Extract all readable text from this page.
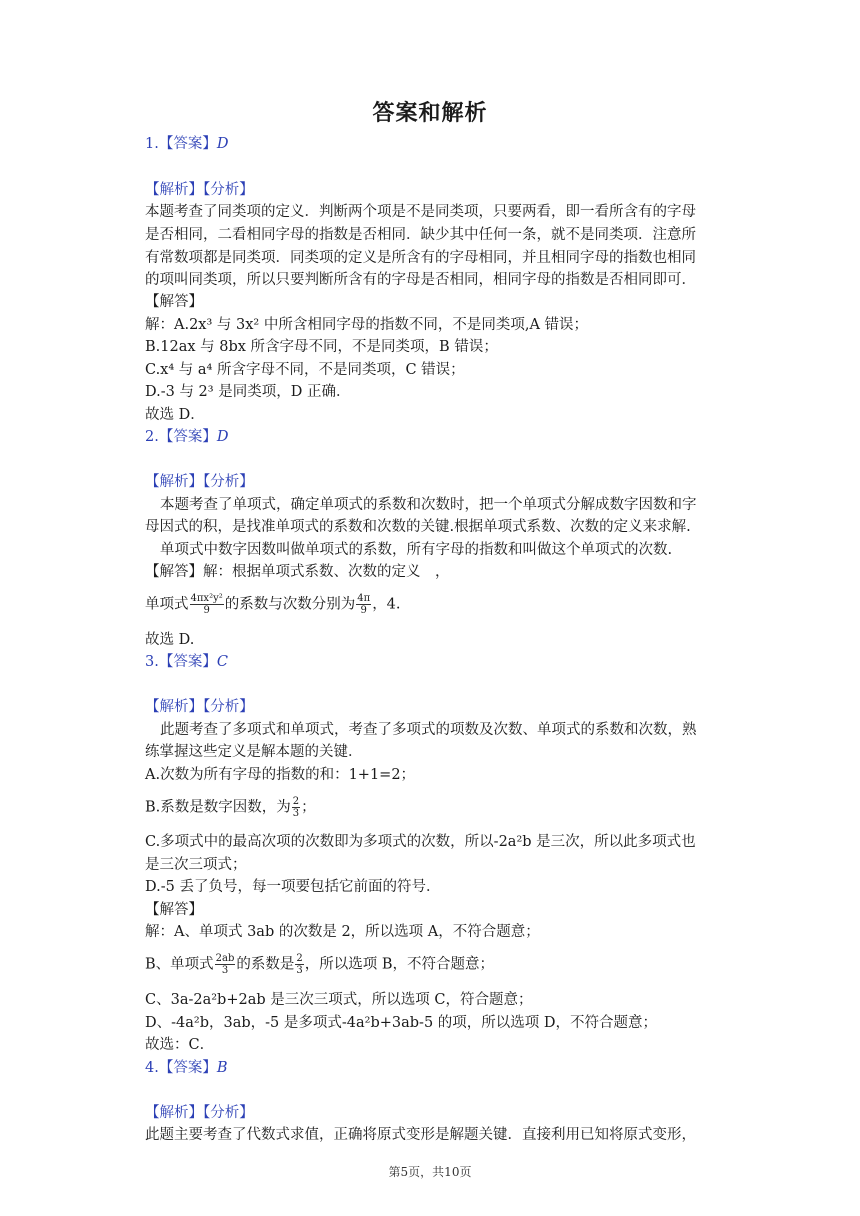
答案和解析
1.【答案】D
【解析】【分析】
本题考查了同类项的定义．判断两个项是不是同类项，只要两看，即一看所含有的字母
是否相同，二看相同字母的指数是否相同．缺少其中任何一条，就不是同类项．注意所
有常数项都是同类项．同类项的定义是所含有的字母相同，并且相同字母的指数也相同
的项叫同类项，所以只要判断所含有的字母是否相同，相同字母的指数是否相同即可．
【解答】
解：A.2x³ 与 3x² 中所含相同字母的指数不同，不是同类项,A 错误；
B.12ax 与 8bx 所含字母不同，不是同类项，B 错误；
C.x⁴ 与 a⁴ 所含字母不同，不是同类项，C 错误；
D.-3 与 2³ 是同类项，D 正确．
故选 D．
2.【答案】D
【解析】【分析】
本题考查了单项式，确定单项式的系数和次数时，把一个单项式分解成数字因数和字
母因式的积，是找准单项式的系数和次数的关键.根据单项式系数、次数的定义来求解.
单项式中数字因数叫做单项式的系数，所有字母的指数和叫做这个单项式的次数.
【解答】解：根据单项式系数、次数的定义　，
单项式 $\frac{\text{4πx²y²}}{9}$ 的系数与次数分别为 $\frac{4\pi}{9}$ ，4.
故选 D.
3.【答案】C
【解析】【分析】
此题考查了多项式和单项式，考查了多项式的项数及次数、单项式的系数和次数，熟
练掌握这些定义是解本题的关键．
A.次数为所有字母的指数的和：1+1=2；
B.系数是数字因数，为 $\frac{2}{3}$ ；
C.多项式中的最高次项的次数即为多项式的次数，所以-2a²b 是三次，所以此多项式也
是三次三项式；
D.-5 丢了负号，每一项要包括它前面的符号．
【解答】
解：A、单项式 3ab 的次数是 2，所以选项 A，不符合题意；
B、单项式 $\frac{2ab}{3}$ 的系数是 $\frac{2}{3}$ ，所以选项 B，不符合题意；
C、3a-2a²b+2ab 是三次三项式，所以选项 C，符合题意；
D、-4a²b，3ab，-5 是多项式-4a²b+3ab-5 的项，所以选项 D，不符合题意；
故选：C．
4.【答案】B
【解析】【分析】
此题主要考查了代数式求值，正确将原式变形是解题关键．直接利用已知将原式变形，
第5页，共10页
